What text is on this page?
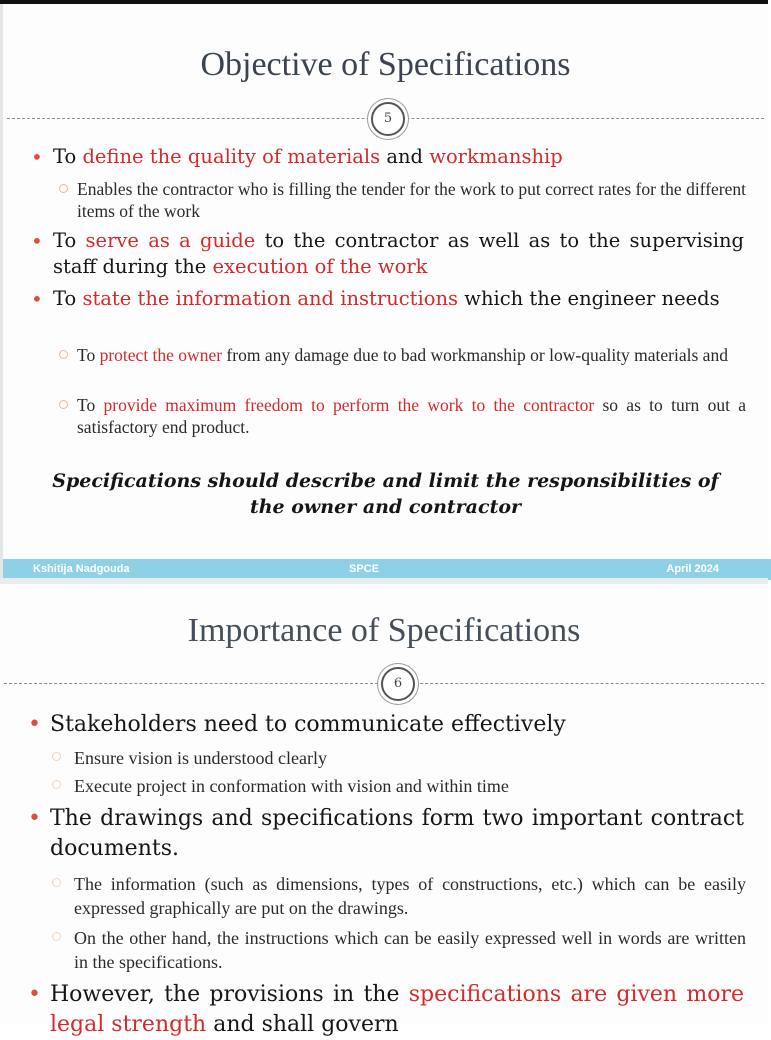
Objective of Specifications
5
• To define the quality of materials and workmanship
Enables the contractor who is filling the tender for the work to put correct rates for the different items of the work
• To serve as a guide to the contractor as well as to the supervising staff during the execution of the work
• To state the information and instructions which the engineer needs
To protect the owner from any damage due to bad workmanship or low-quality materials and
To provide maximum freedom to perform the work to the contractor so as to turn out a satisfactory end product.
Specifications should describe and limit the responsibilities of the owner and contractor
Kshitija Nadgouda	SPCE	April 2024
Importance of Specifications
6
• Stakeholders need to communicate effectively
Ensure vision is understood clearly
Execute project in conformation with vision and within time
• The drawings and specifications form two important contract documents.
The information (such as dimensions, types of constructions, etc.) which can be easily expressed graphically are put on the drawings.
On the other hand, the instructions which can be easily expressed well in words are written in the specifications.
• However, the provisions in the specifications are given more legal strength and shall govern
